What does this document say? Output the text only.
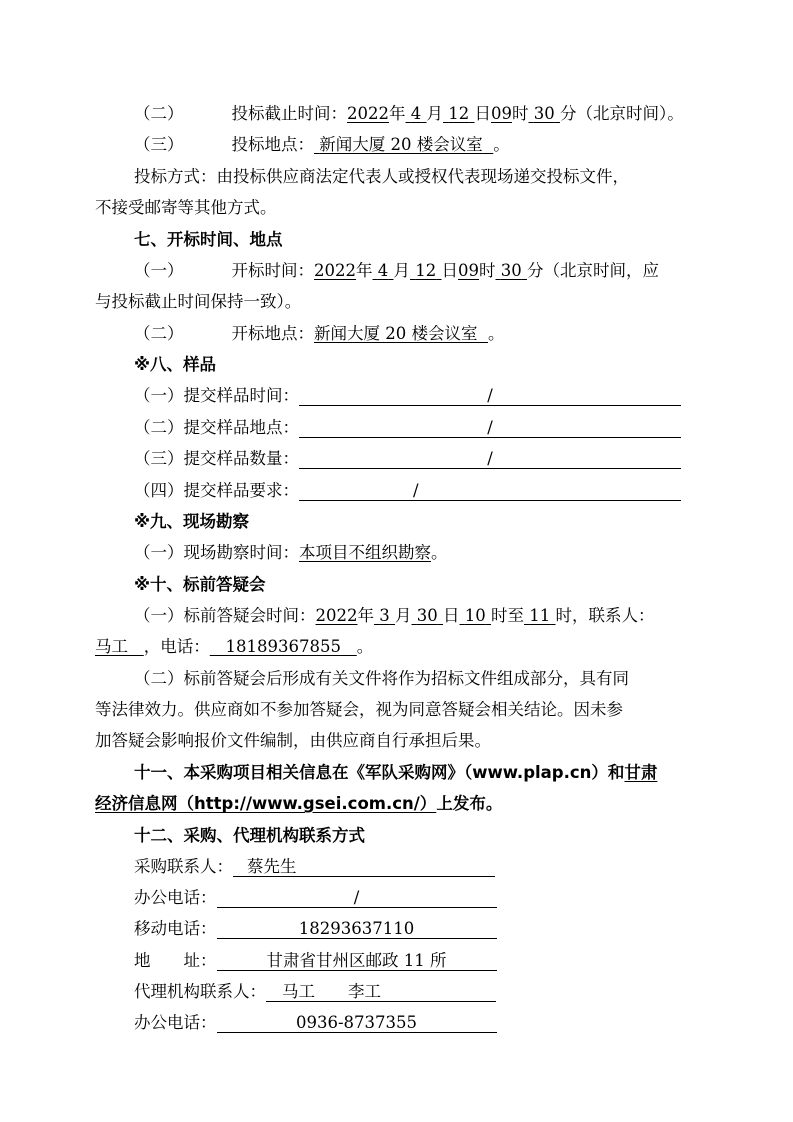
（二）	投标截止时间：2022年 4 月 12 日09时 30 分（北京时间）。
（三）	投标地点： 新闻大厦 20 楼会议室 。
投标方式：由投标供应商法定代表人或授权代表现场递交投标文件，
不接受邮寄等其他方式。
七、开标时间、地点
（一）	开标时间：2022年 4 月 12 日09时 30 分（北京时间，应
与投标截止时间保持一致）。
（二）	开标地点：新闻大厦 20 楼会议室 。
※八、样品
（一）提交样品时间：	/
（二）提交样品地点：	/
（三）提交样品数量：	/
（四）提交样品要求：	/
※九、现场勘察
（一）现场勘察时间：本项目不组织勘察。
※十、标前答疑会
（一）标前答疑会时间：2022年 3 月 30 日 10 时至 11 时，联系人：
马工 ，电话： 18189367855 。
（二）标前答疑会后形成有关文件将作为招标文件组成部分，具有同
等法律效力。供应商如不参加答疑会，视为同意答疑会相关结论。因未参
加答疑会影响报价文件编制，由供应商自行承担后果。
十一、本采购项目相关信息在《军队采购网》（www.plap.cn）和甘肃
经济信息网（http://www.gsei.com.cn/）上发布。
十二、采购、代理机构联系方式
采购联系人： 蔡先生
办公电话：	/
移动电话：	18293637110
地　　址：	甘肃省甘州区邮政 11 所
代理机构联系人： 马工　　李工
办公电话：	0936-8737355
